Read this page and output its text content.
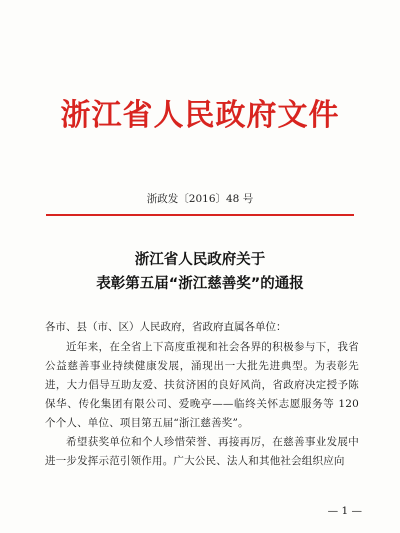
浙江省人民政府文件
浙政发〔2016〕48 号
浙江省人民政府关于
表彰第五届“浙江慈善奖”的通报

各市、县（市、区）人民政府，省政府直属各单位：

近年来，在全省上下高度重视和社会各界的积极参与下，我省公益慈善事业持续健康发展，涌现出一大批先进典型。为表彰先进，大力倡导互助友爱、扶贫济困的良好风尚，省政府决定授予陈保华、传化集团有限公司、爱晚亭——临终关怀志愿服务等 120 个个人、单位、项目第五届“浙江慈善奖”。

希望获奖单位和个人珍惜荣誉、再接再厉，在慈善事业发展中进一步发挥示范引领作用。广大公民、法人和其他社会组织应向

— 1 —
